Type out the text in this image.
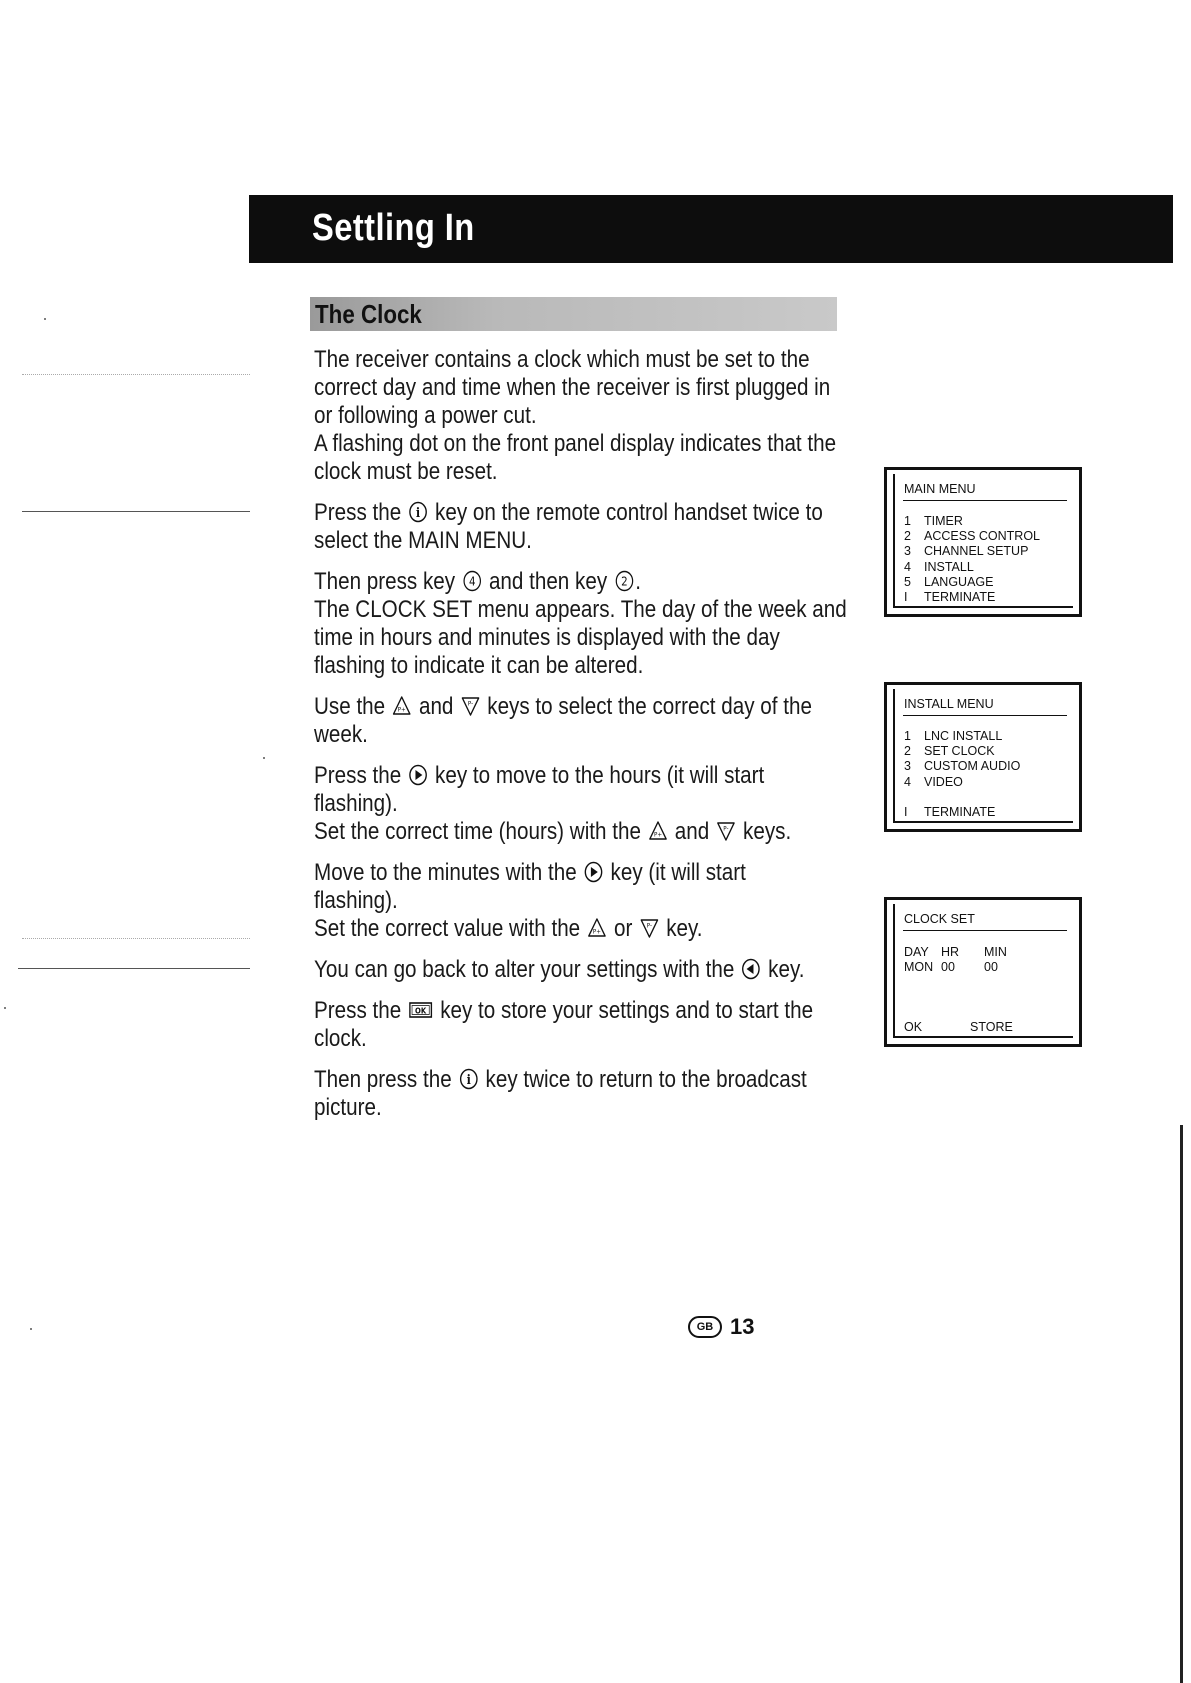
Settling In
The Clock
The receiver contains a clock which must be set to the
correct day and time when the receiver is first plugged in
or following a power cut.
A flashing dot on the front panel display indicates that the
clock must be reset.
Press the i key on the remote control handset twice to
select the MAIN MENU.
Then press key 4 and then key 2 .
The CLOCK SET menu appears. The day of the week and
time in hours and minutes is displayed with the day
flashing to indicate it can be altered.
Use the P+ and P- keys to select the correct day of the
week.
Press the key to move to the hours (it will start
flashing).
Set the correct time (hours) with the P+ and P- keys.
Move to the minutes with the key (it will start
flashing).
Set the correct value with the P+ or P- key.
You can go back to alter your settings with the key.
Press the OK key to store your settings and to start the
clock.
Then press the i key twice to return to the broadcast
picture.
MAIN MENU
1 TIMER
2 ACCESS CONTROL
3 CHANNEL SETUP
4 INSTALL
5 LANGUAGE
I TERMINATE
INSTALL MENU
1 LNC INSTALL
2 SET CLOCK
3 CUSTOM AUDIO
4 VIDEO
I TERMINATE
CLOCK SET
DAY HR MIN
MON 00 00
OK	STORE
GB 13
